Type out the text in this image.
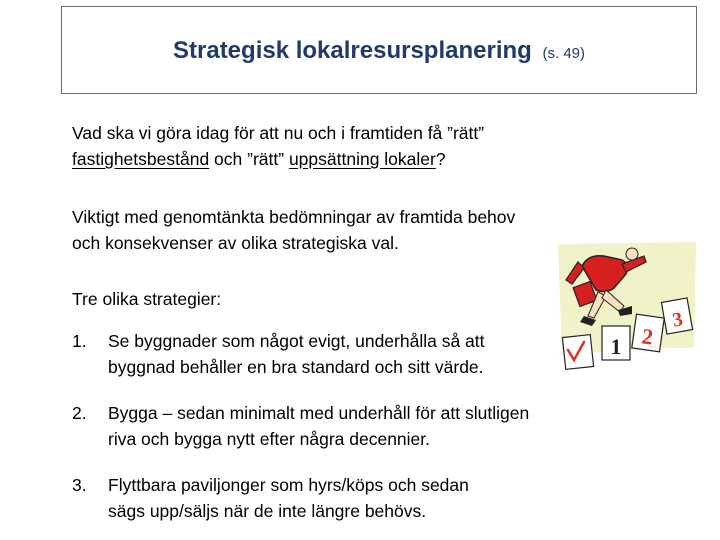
Strategisk lokalresursplanering (s. 49)
Vad ska vi göra idag för att nu och i framtiden få ”rätt”
fastighetsbestånd och ”rätt” uppsättning lokaler?
Viktigt med genomtänkta bedömningar av framtida behov
och konsekvenser av olika strategiska val.
Tre olika strategier:
1. Se byggnader som något evigt, underhålla så att
byggnad behåller en bra standard och sitt värde.
2. Bygga – sedan minimalt med underhåll för att slutligen
riva och bygga nytt efter några decennier.
3. Flyttbara paviljonger som hyrs/köps och sedan
sägs upp/säljs när de inte längre behövs.
1 2
3
